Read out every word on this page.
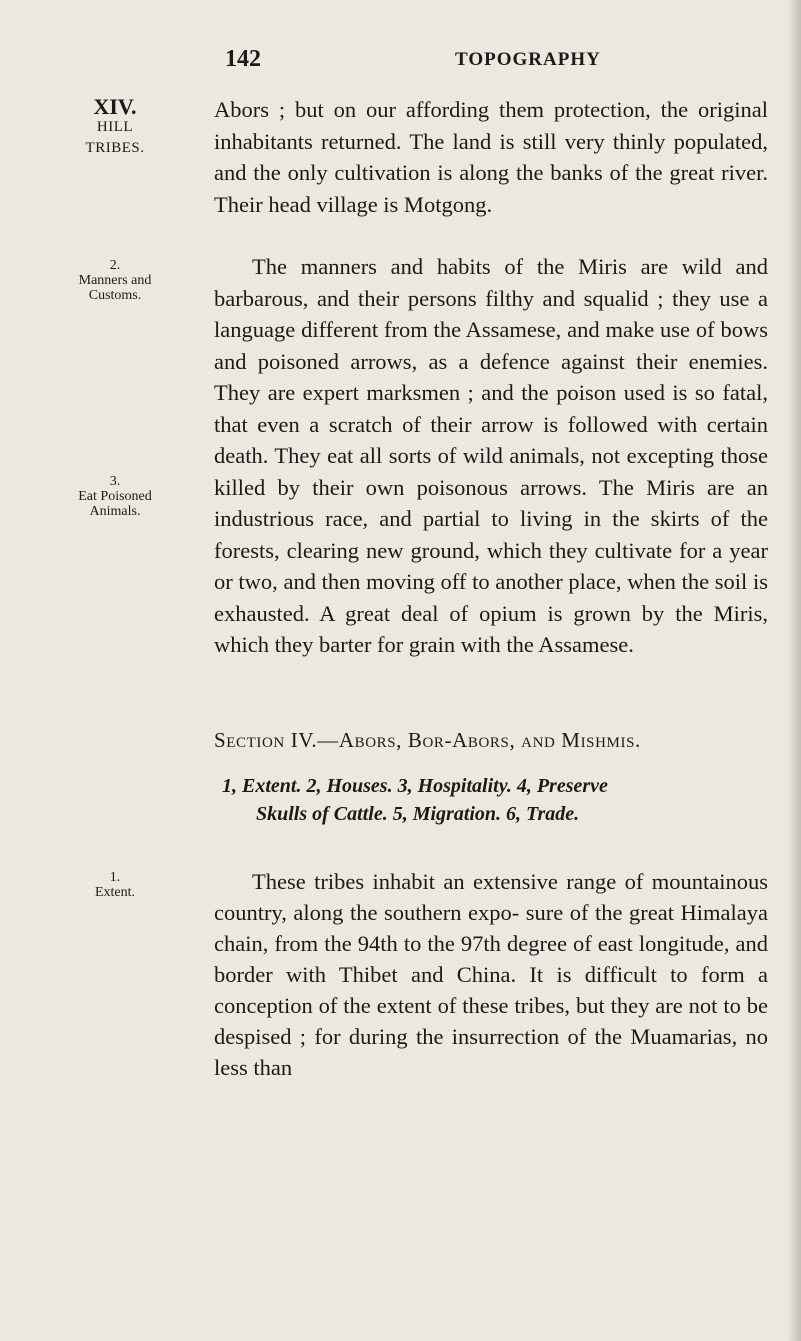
142	TOPOGRAPHY
XIV.
HILL
TRIBES.
Abors ; but on our affording them protection, the original inhabitants returned. The land is still very thinly populated, and the only cultivation is along the banks of the great river. Their head village is Motgong.
2.
Manners and
Customs.
The manners and habits of the Miris are wild and barbarous, and their persons filthy and squalid ; they use a language different from the Assamese, and make use of bows and poisoned arrows, as a defence against their enemies. They are expert marksmen ; and the poison used is so fatal, that even a scratch of their arrow is followed with certain death. They eat all sorts of wild animals, not excepting those killed by their own poisonous arrows. The Miris are an industrious race, and partial to living in the skirts of the forests, clearing new ground, which they cultivate for a year or two, and then moving off to another place, when the soil is exhausted. A great deal of opium is grown by the Miris, which they barter for grain with the Assamese.
3.
Eat Poisoned
Animals.
Section IV.—Abors, Bor-Abors, and Mishmis.
1, Extent. 2, Houses. 3, Hospitality. 4, Preserve
Skulls of Cattle. 5, Migration. 6, Trade.
1.
Extent.	These tribes inhabit an extensive range of mountainous country, along the southern expo- sure of the great Himalaya chain, from the 94th to the 97th degree of east longitude, and border with Thibet and China. It is difficult to form a conception of the extent of these tribes, but they are not to be despised ; for during the insurrection of the Muamarias, no less than
